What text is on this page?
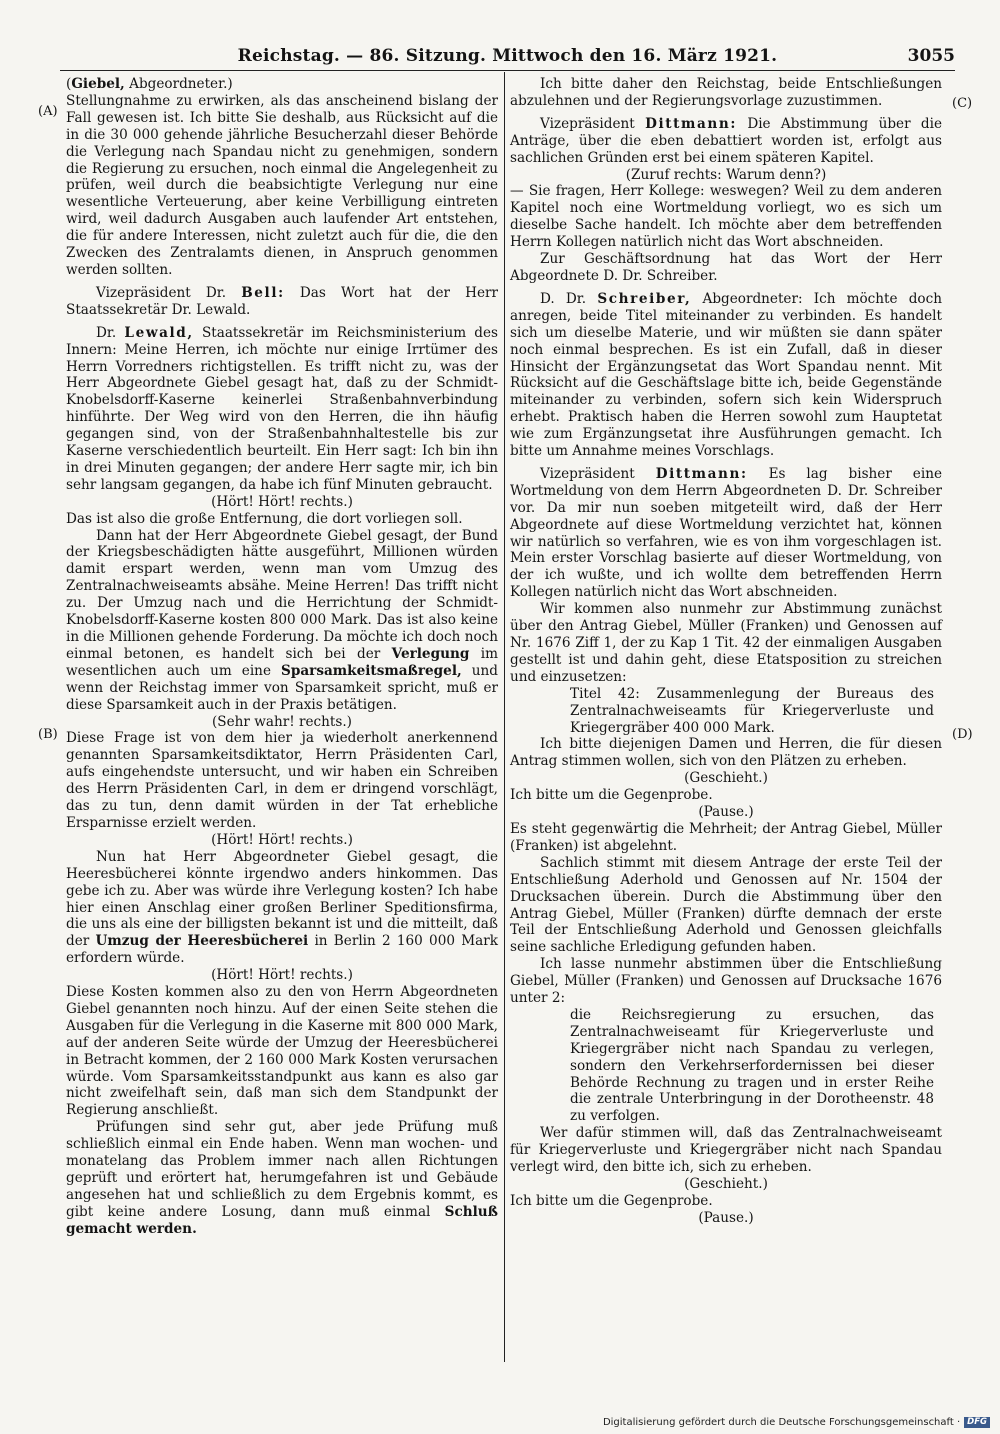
Reichstag. — 86. Sitzung. Mittwoch den 16. März 1921.	3055
(A)
(B)
(C)
(D)

(Giebel, Abgeordneter.)

Stellungnahme zu erwirken, als das anscheinend bislang der Fall gewesen ist. Ich bitte Sie deshalb, aus Rücksicht auf die in die 30 000 gehende jährliche Besucherzahl dieser Behörde die Verlegung nach Spandau nicht zu genehmigen, sondern die Regierung zu ersuchen, noch einmal die Angelegenheit zu prüfen, weil durch die beabsichtigte Verlegung nur eine wesentliche Verteuerung, aber keine Verbilligung eintreten wird, weil dadurch Ausgaben auch laufender Art entstehen, die für andere Interessen, nicht zuletzt auch für die, die den Zwecken des Zentralamts dienen, in Anspruch genommen werden sollten.

Vizepräsident Dr. Bell: Das Wort hat der Herr Staatssekretär Dr. Lewald.

Dr. Lewald, Staatssekretär im Reichsministerium des Innern: Meine Herren, ich möchte nur einige Irrtümer des Herrn Vorredners richtigstellen. Es trifft nicht zu, was der Herr Abgeordnete Giebel gesagt hat, daß zu der Schmidt-Knobelsdorff-Kaserne keinerlei Straßenbahnverbindung hinführte. Der Weg wird von den Herren, die ihn häufig gegangen sind, von der Straßenbahnhaltestelle bis zur Kaserne verschiedentlich beurteilt. Ein Herr sagt: Ich bin ihn in drei Minuten gegangen; der andere Herr sagte mir, ich bin sehr langsam gegangen, da habe ich fünf Minuten gebraucht.

(Hört! Hört! rechts.)

Das ist also die große Entfernung, die dort vorliegen soll.

Dann hat der Herr Abgeordnete Giebel gesagt, der Bund der Kriegsbeschädigten hätte ausgeführt, Millionen würden damit erspart werden, wenn man vom Umzug des Zentralnachweiseamts absähe. Meine Herren! Das trifft nicht zu. Der Umzug nach und die Herrichtung der Schmidt-Knobelsdorff-Kaserne kosten 800 000 Mark. Das ist also keine in die Millionen gehende Forderung. Da möchte ich doch noch einmal betonen, es handelt sich bei der Verlegung im wesentlichen auch um eine Sparsamkeitsmaßregel, und wenn der Reichstag immer von Sparsamkeit spricht, muß er diese Sparsamkeit auch in der Praxis betätigen.

(Sehr wahr! rechts.)

Diese Frage ist von dem hier ja wiederholt anerkennend genannten Sparsamkeitsdiktator, Herrn Präsidenten Carl, aufs eingehendste untersucht, und wir haben ein Schreiben des Herrn Präsidenten Carl, in dem er dringend vorschlägt, das zu tun, denn damit würden in der Tat erhebliche Ersparnisse erzielt werden.

(Hört! Hört! rechts.)

Nun hat Herr Abgeordneter Giebel gesagt, die Heeresbücherei könnte irgendwo anders hinkommen. Das gebe ich zu. Aber was würde ihre Verlegung kosten? Ich habe hier einen Anschlag einer großen Berliner Speditionsfirma, die uns als eine der billigsten bekannt ist und die mitteilt, daß der Umzug der Heeresbücherei in Berlin 2 160 000 Mark erfordern würde.

(Hört! Hört! rechts.)

Diese Kosten kommen also zu den von Herrn Abgeordneten Giebel genannten noch hinzu. Auf der einen Seite stehen die Ausgaben für die Verlegung in die Kaserne mit 800 000 Mark, auf der anderen Seite würde der Umzug der Heeresbücherei in Betracht kommen, der 2 160 000 Mark Kosten verursachen würde. Vom Sparsamkeitsstandpunkt aus kann es also gar nicht zweifelhaft sein, daß man sich dem Standpunkt der Regierung anschließt.

Prüfungen sind sehr gut, aber jede Prüfung muß schließlich einmal ein Ende haben. Wenn man wochen- und monatelang das Problem immer nach allen Richtungen geprüft und erörtert hat, herumgefahren ist und Gebäude angesehen hat und schließlich zu dem Ergebnis kommt, es gibt keine andere Losung, dann muß einmal Schluß gemacht werden.

Ich bitte daher den Reichstag, beide Entschließungen abzulehnen und der Regierungsvorlage zuzustimmen.

Vizepräsident Dittmann: Die Abstimmung über die Anträge, über die eben debattiert worden ist, erfolgt aus sachlichen Gründen erst bei einem späteren Kapitel.

(Zuruf rechts: Warum denn?)

— Sie fragen, Herr Kollege: weswegen? Weil zu dem anderen Kapitel noch eine Wortmeldung vorliegt, wo es sich um dieselbe Sache handelt. Ich möchte aber dem betreffenden Herrn Kollegen natürlich nicht das Wort abschneiden.

Zur Geschäftsordnung hat das Wort der Herr Abgeordnete D. Dr. Schreiber.

D. Dr. Schreiber, Abgeordneter: Ich möchte doch anregen, beide Titel miteinander zu verbinden. Es handelt sich um dieselbe Materie, und wir müßten sie dann später noch einmal besprechen. Es ist ein Zufall, daß in dieser Hinsicht der Ergänzungsetat das Wort Spandau nennt. Mit Rücksicht auf die Geschäftslage bitte ich, beide Gegenstände miteinander zu verbinden, sofern sich kein Widerspruch erhebt. Praktisch haben die Herren sowohl zum Hauptetat wie zum Ergänzungsetat ihre Ausführungen gemacht. Ich bitte um Annahme meines Vorschlags.

Vizepräsident Dittmann: Es lag bisher eine Wortmeldung von dem Herrn Abgeordneten D. Dr. Schreiber vor. Da mir nun soeben mitgeteilt wird, daß der Herr Abgeordnete auf diese Wortmeldung verzichtet hat, können wir natürlich so verfahren, wie es von ihm vorgeschlagen ist. Mein erster Vorschlag basierte auf dieser Wortmeldung, von der ich wußte, und ich wollte dem betreffenden Herrn Kollegen natürlich nicht das Wort abschneiden.

Wir kommen also nunmehr zur Abstimmung zunächst über den Antrag Giebel, Müller (Franken) und Genossen auf Nr. 1676 Ziff 1, der zu Kap 1 Tit. 42 der einmaligen Ausgaben gestellt ist und dahin geht, diese Etatsposition zu streichen und einzusetzen:

Titel 42: Zusammenlegung der Bureaus des Zentralnachweiseamts für Kriegerverluste und Kriegergräber 400 000 Mark.

Ich bitte diejenigen Damen und Herren, die für diesen Antrag stimmen wollen, sich von den Plätzen zu erheben.

(Geschieht.)

Ich bitte um die Gegenprobe.

(Pause.)

Es steht gegenwärtig die Mehrheit; der Antrag Giebel, Müller (Franken) ist abgelehnt.

Sachlich stimmt mit diesem Antrage der erste Teil der Entschließung Aderhold und Genossen auf Nr. 1504 der Drucksachen überein. Durch die Abstimmung über den Antrag Giebel, Müller (Franken) dürfte demnach der erste Teil der Entschließung Aderhold und Genossen gleichfalls seine sachliche Erledigung gefunden haben.

Ich lasse nunmehr abstimmen über die Entschließung Giebel, Müller (Franken) und Genossen auf Drucksache 1676 unter 2:

die Reichsregierung zu ersuchen, das Zentralnachweiseamt für Kriegerverluste und Kriegergräber nicht nach Spandau zu verlegen, sondern den Verkehrserfordernissen bei dieser Behörde Rechnung zu tragen und in erster Reihe die zentrale Unterbringung in der Dorotheenstr. 48 zu verfolgen.

Wer dafür stimmen will, daß das Zentralnachweiseamt für Kriegerverluste und Kriegergräber nicht nach Spandau verlegt wird, den bitte ich, sich zu erheben.

(Geschieht.)

Ich bitte um die Gegenprobe.

(Pause.)

Digitalisierung gefördert durch die Deutsche Forschungsgemeinschaft · DFG
